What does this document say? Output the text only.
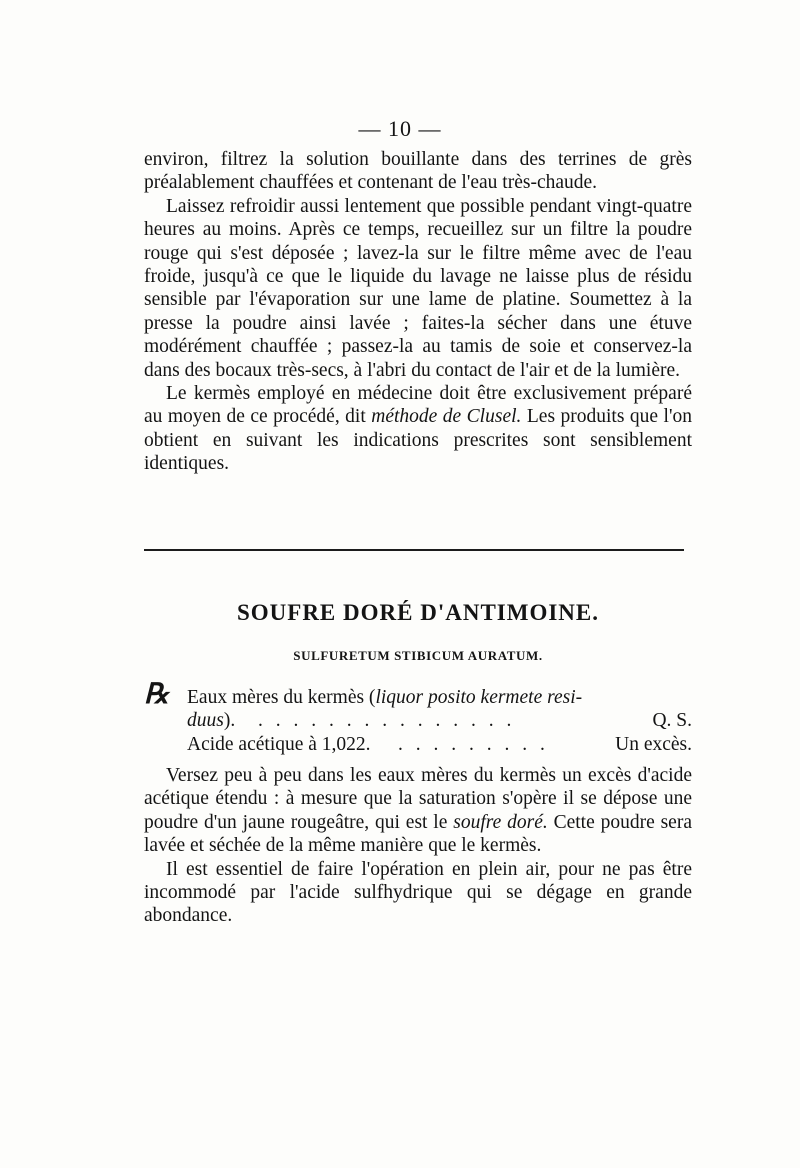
— 10 —

environ, filtrez la solution bouillante dans des terrines de grès préalablement chauffées et contenant de l'eau très-chaude.

Laissez refroidir aussi lentement que possible pendant vingt-quatre heures au moins. Après ce temps, recueillez sur un filtre la poudre rouge qui s'est déposée ; lavez-la sur le filtre même avec de l'eau froide, jusqu'à ce que le liquide du lavage ne laisse plus de résidu sensible par l'évaporation sur une lame de platine. Soumettez à la presse la poudre ainsi lavée ; faites-la sécher dans une étuve modérément chauffée ; passez-la au tamis de soie et conservez-la dans des bocaux très-secs, à l'abri du contact de l'air et de la lumière.

Le kermès employé en médecine doit être exclusivement préparé au moyen de ce procédé, dit méthode de Clusel. Les produits que l'on obtient en suivant les indications prescrites sont sensiblement identiques.

SOUFRE DORÉ D'ANTIMOINE.
SULFURETUM STIBICUM AURATUM.
℞ Eaux mères du kermès (liquor posito kermete resi-
duus). . . . . . . . . . . . . . . .	Q. S.
Acide acétique à 1,022. . . . . . . . . .	Un excès.

Versez peu à peu dans les eaux mères du kermès un excès d'acide acétique étendu : à mesure que la saturation s'opère il se dépose une poudre d'un jaune rougeâtre, qui est le soufre doré. Cette poudre sera lavée et séchée de la même manière que le kermès.

Il est essentiel de faire l'opération en plein air, pour ne pas être incommodé par l'acide sulfhydrique qui se dégage en grande abondance.
